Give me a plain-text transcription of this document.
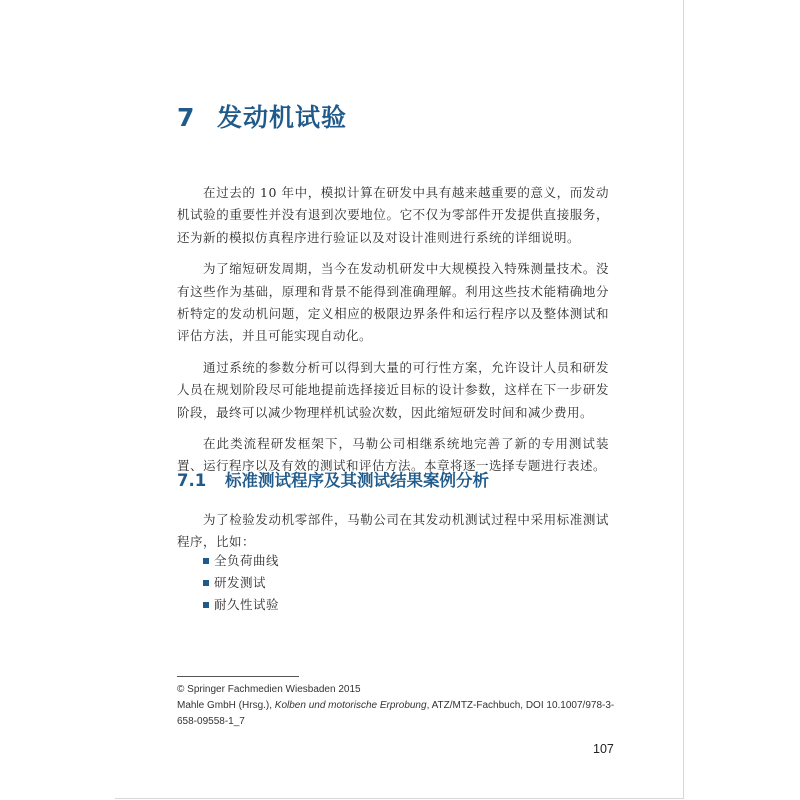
7 发动机试验

在过去的 10 年中，模拟计算在研发中具有越来越重要的意义，而发动机试验的重要性并没有退到次要地位。它不仅为零部件开发提供直接服务，还为新的模拟仿真程序进行验证以及对设计准则进行系统的详细说明。

为了缩短研发周期，当今在发动机研发中大规模投入特殊测量技术。没有这些作为基础，原理和背景不能得到准确理解。利用这些技术能精确地分析特定的发动机问题，定义相应的极限边界条件和运行程序以及整体测试和评估方法，并且可能实现自动化。

通过系统的参数分析可以得到大量的可行性方案，允许设计人员和研发人员在规划阶段尽可能地提前选择接近目标的设计参数，这样在下一步研发阶段，最终可以减少物理样机试验次数，因此缩短研发时间和减少费用。

在此类流程研发框架下，马勒公司相继系统地完善了新的专用测试装置、运行程序以及有效的测试和评估方法。本章将逐一选择专题进行表述。

7.1 标准测试程序及其测试结果案例分析

为了检验发动机零部件，马勒公司在其发动机测试过程中采用标准测试程序，比如：

全负荷曲线
研发测试
耐久性试验

© Springer Fachmedien Wiesbaden 2015
Mahle GmbH (Hrsg.), Kolben und motorische Erprobung, ATZ/MTZ-Fachbuch, DOI 10.1007/978-3-658-09558-1_7

107
